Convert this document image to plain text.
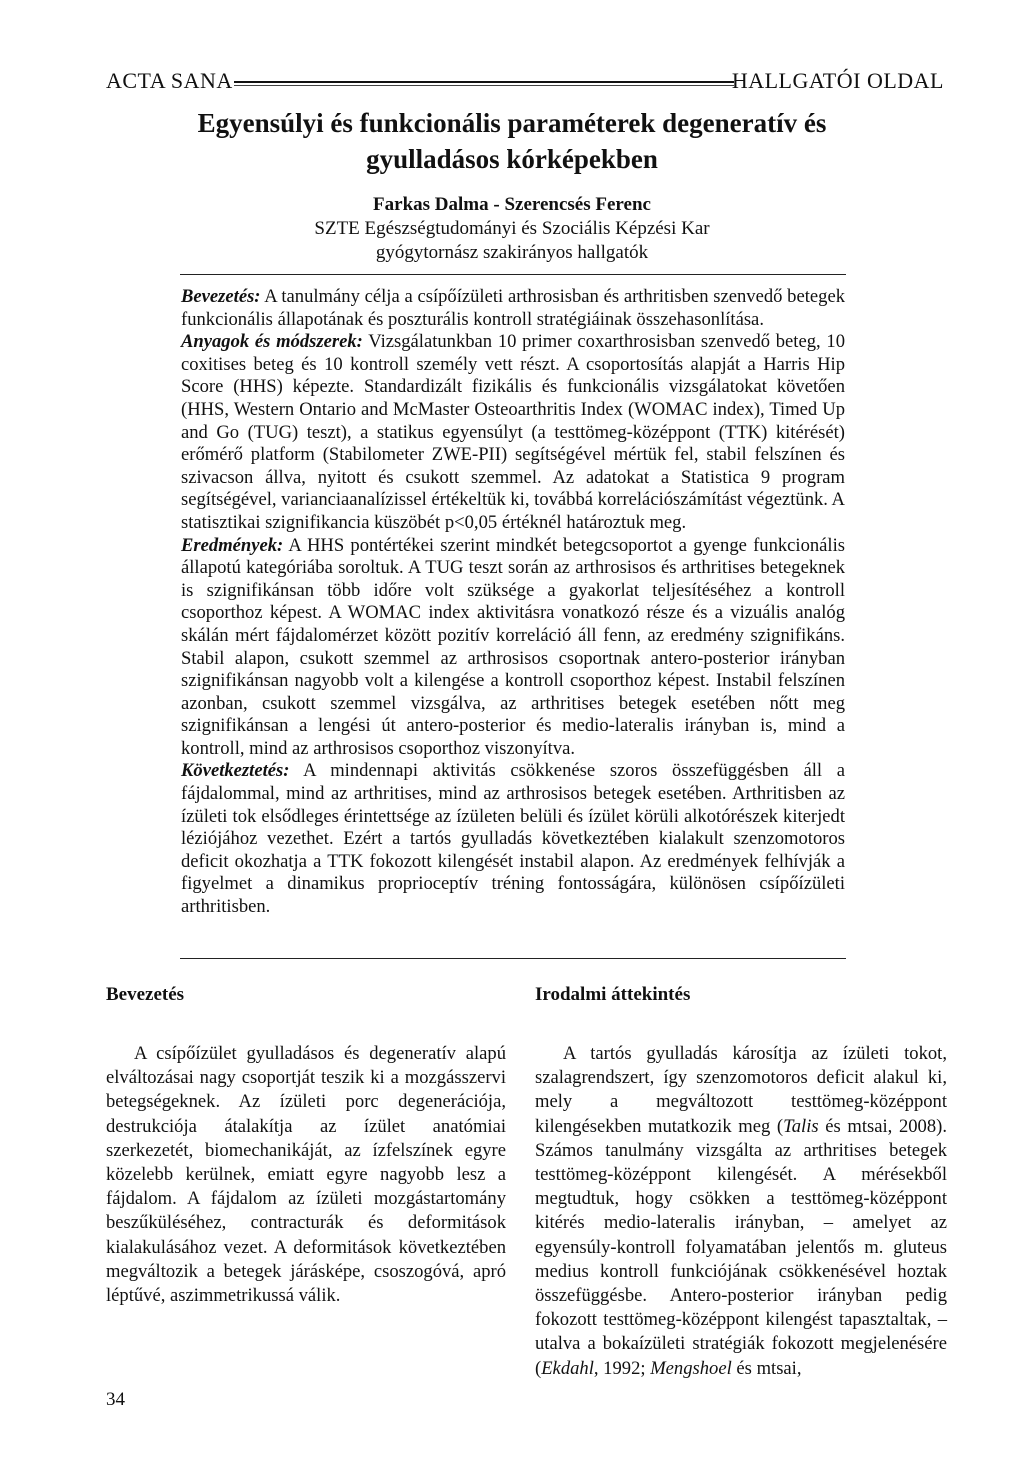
ACTA SANA	HALLGATÓI OLDAL
Egyensúlyi és funkcionális paraméterek degeneratív és gyulladásos kórképekben
Farkas Dalma - Szerencsés Ferenc
SZTE Egészségtudományi és Szociális Képzési Kar
gyógytornász szakirányos hallgatók

Bevezetés: A tanulmány célja a csípőízületi arthrosisban és arthritisben szenvedő betegek funkcionális állapotának és poszturális kontroll stratégiáinak összehasonlítása.

Anyagok és módszerek: Vizsgálatunkban 10 primer coxarthrosisban szenvedő beteg, 10 coxitises beteg és 10 kontroll személy vett részt. A csoportosítás alapját a Harris Hip Score (HHS) képezte. Standardizált fizikális és funkcionális vizsgálatokat követően (HHS, Western Ontario and McMaster Osteoarthritis Index (WOMAC index), Timed Up and Go (TUG) teszt), a statikus egyensúlyt (a testtömeg-középpont (TTK) kitérését) erőmérő platform (Stabilometer ZWE-PII) segítségével mértük fel, stabil felszínen és szivacson állva, nyitott és csukott szemmel. Az adatokat a Statistica 9 program segítségével, varianciaanalízissel értékeltük ki, továbbá korrelációszámítást végeztünk. A statisztikai szignifikancia küszöbét p<0,05 értéknél határoztuk meg.

Eredmények: A HHS pontértékei szerint mindkét betegcsoportot a gyenge funkcionális állapotú kategóriába soroltuk. A TUG teszt során az arthrosisos és arthritises betegeknek is szignifikánsan több időre volt szüksége a gyakorlat teljesítéséhez a kontroll csoporthoz képest. A WOMAC index aktivitásra vonatkozó része és a vizuális analóg skálán mért fájdalomérzet között pozitív korreláció áll fenn, az eredmény szignifikáns. Stabil alapon, csukott szemmel az arthrosisos csoportnak antero-posterior irányban szignifikánsan nagyobb volt a kilengése a kontroll csoporthoz képest. Instabil felszínen azonban, csukott szemmel vizsgálva, az arthritises betegek esetében nőtt meg szignifikánsan a lengési út antero-posterior és medio-lateralis irányban is, mind a kontroll, mind az arthrosisos csoporthoz viszonyítva.

Következtetés: A mindennapi aktivitás csökkenése szoros összefüggésben áll a fájdalommal, mind az arthritises, mind az arthrosisos betegek esetében. Arthritisben az ízületi tok elsődleges érintettsége az ízületen belüli és ízület körüli alkotórészek kiterjedt léziójához vezethet. Ezért a tartós gyulladás következtében kialakult szenzomotoros deficit okozhatja a TTK fokozott kilengését instabil alapon. Az eredmények felhívják a figyelmet a dinamikus proprioceptív tréning fontosságára, különösen csípőízületi arthritisben.

Bevezetés

A csípőízület gyulladásos és degeneratív alapú elváltozásai nagy csoportját teszik ki a mozgásszervi betegségeknek. Az ízületi porc degenerációja, destrukciója átalakítja az ízület anatómiai szerkezetét, biomechanikáját, az ízfelszínek egyre közelebb kerülnek, emiatt egyre nagyobb lesz a fájdalom. A fájdalom az ízületi mozgástartomány beszűküléséhez, contracturák és deformitások kialakulásához vezet. A deformitások következtében megváltozik a betegek járásképe, csoszogóvá, apró léptűvé, aszimmetrikussá válik.

Irodalmi áttekintés

A tartós gyulladás károsítja az ízületi tokot, szalagrendszert, így szenzomotoros deficit alakul ki, mely a megváltozott testtömeg-középpont kilengésekben mutatkozik meg (Talis és mtsai, 2008). Számos tanulmány vizsgálta az arthritises betegek testtömeg-középpont kilengését. A mérésekből megtudtuk, hogy csökken a testtömeg-középpont kitérés medio-lateralis irányban, – amelyet az egyensúly-kontroll folyamatában jelentős m. gluteus medius kontroll funkciójának csökkenésével hoztak összefüggésbe. Antero-posterior irányban pedig fokozott testtömeg-középpont kilengést tapasztaltak, – utalva a bokaízületi stratégiák fokozott megjelenésére (Ekdahl, 1992; Mengshoel és mtsai,

34
